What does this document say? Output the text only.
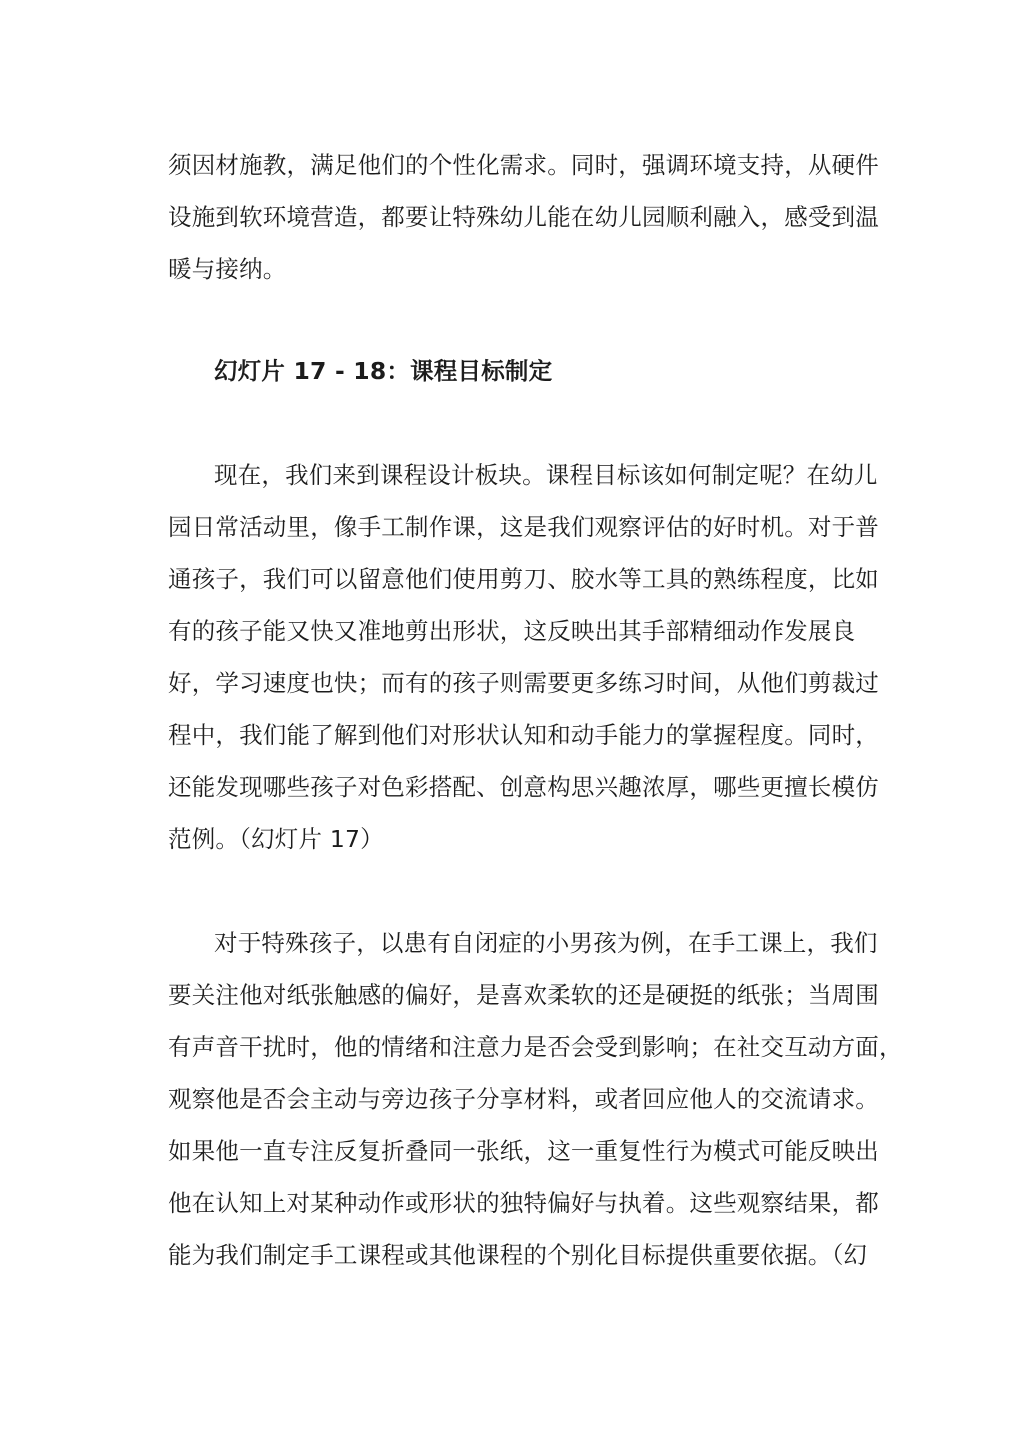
须因材施教，满足他们的个性化需求。同时，强调环境支持，从硬件
设施到软环境营造，都要让特殊幼儿能在幼儿园顺利融入，感受到温
暖与接纳。
幻灯片 17 - 18：课程目标制定
现在，我们来到课程设计板块。课程目标该如何制定呢？在幼儿
园日常活动里，像手工制作课，这是我们观察评估的好时机。对于普
通孩子，我们可以留意他们使用剪刀、胶水等工具的熟练程度，比如
有的孩子能又快又准地剪出形状，这反映出其手部精细动作发展良
好，学习速度也快；而有的孩子则需要更多练习时间，从他们剪裁过
程中，我们能了解到他们对形状认知和动手能力的掌握程度。同时，
还能发现哪些孩子对色彩搭配、创意构思兴趣浓厚，哪些更擅长模仿
范例。（幻灯片 17）
对于特殊孩子，以患有自闭症的小男孩为例，在手工课上，我们
要关注他对纸张触感的偏好，是喜欢柔软的还是硬挺的纸张；当周围
有声音干扰时，他的情绪和注意力是否会受到影响；在社交互动方面，
观察他是否会主动与旁边孩子分享材料，或者回应他人的交流请求。
如果他一直专注反复折叠同一张纸，这一重复性行为模式可能反映出
他在认知上对某种动作或形状的独特偏好与执着。这些观察结果，都
能为我们制定手工课程或其他课程的个别化目标提供重要依据。（幻
